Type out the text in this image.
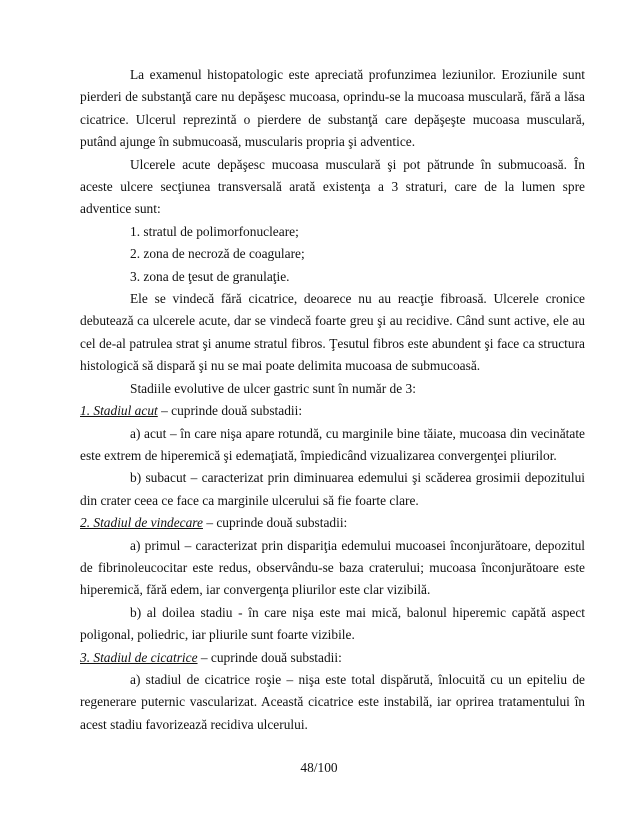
La examenul histopatologic este apreciată profunzimea leziunilor. Eroziunile sunt pierderi de substanţă care nu depăşesc mucoasa, oprindu-se la mucoasa musculară, fără a lăsa cicatrice. Ulcerul reprezintă o pierdere de substanţă care depăşeşte mucoasa musculară, putând ajunge în submucoasă, muscularis propria şi adventice.

Ulcerele acute depăşesc mucoasa musculară şi pot pătrunde în submucoasă. În aceste ulcere secţiunea transversală arată existenţa a 3 straturi, care de la lumen spre adventice sunt:

1. stratul de polimorfonucleare;

2. zona de necroză de coagulare;

3. zona de ţesut de granulaţie.

Ele se vindecă fără cicatrice, deoarece nu au reacţie fibroasă. Ulcerele cronice debutează ca ulcerele acute, dar se vindecă foarte greu şi au recidive. Când sunt active, ele au cel de-al patrulea strat şi anume stratul fibros. Ţesutul fibros este abundent şi face ca structura histologică să dispară şi nu se mai poate delimita mucoasa de submucoasă.

Stadiile evolutive de ulcer gastric sunt în număr de 3:

1. Stadiul acut – cuprinde două substadii:

a) acut – în care nişa apare rotundă, cu marginile bine tăiate, mucoasa din vecinătate este extrem de hiperemică şi edemaţiată, împiedicând vizualizarea convergenţei pliurilor.

b) subacut – caracterizat prin diminuarea edemului şi scăderea grosimii depozitului din crater ceea ce face ca marginile ulcerului să fie foarte clare.

2. Stadiul de vindecare – cuprinde două substadii:

a) primul – caracterizat prin dispariţia edemului mucoasei înconjurătoare, depozitul de fibrinoleucocitar este redus, observându-se baza craterului; mucoasa înconjurătoare este hiperemică, fără edem, iar convergenţa pliurilor este clar vizibilă.

b) al doilea stadiu - în care nişa este mai mică, balonul hiperemic capătă aspect poligonal, poliedric, iar pliurile sunt foarte vizibile.

3. Stadiul de cicatrice – cuprinde două substadii:

a) stadiul de cicatrice roşie – nişa este total dispărută, înlocuită cu un epiteliu de regenerare puternic vascularizat. Această cicatrice este instabilă, iar oprirea tratamentului în acest stadiu favorizează recidiva ulcerului.

48/100
